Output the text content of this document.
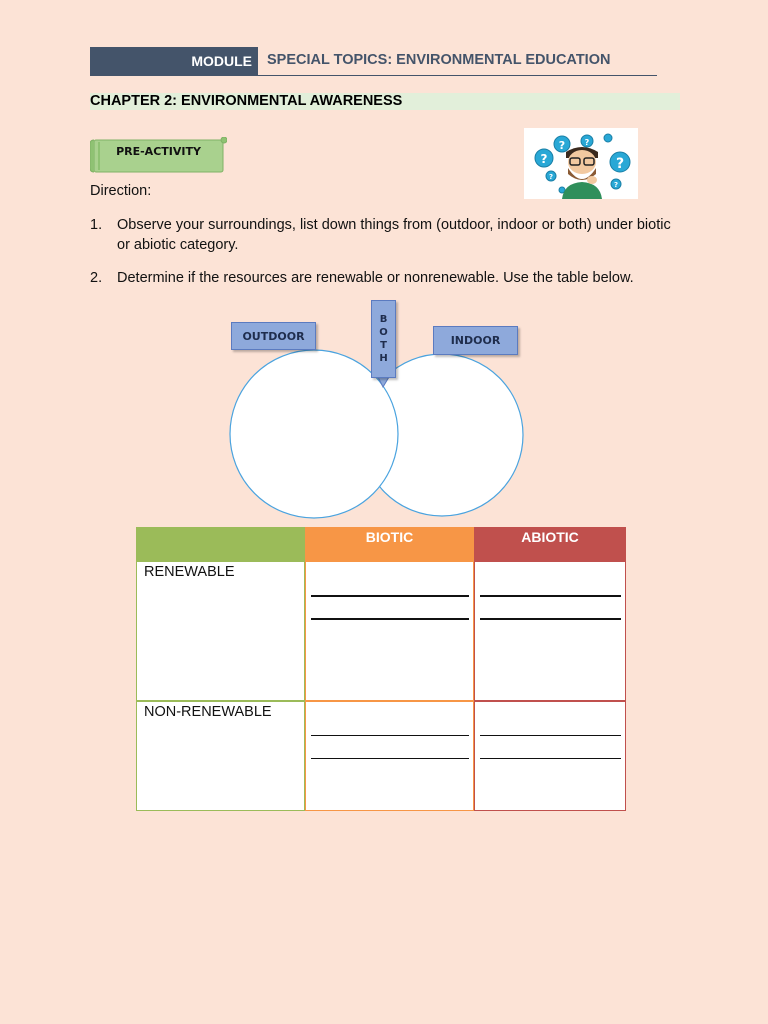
MODULE SPECIAL TOPICS: ENVIRONMENTAL EDUCATION
CHAPTER 2: ENVIRONMENTAL AWARENESS
PRE-ACTIVITY
?
? ?
?
?
?
Direction:
1. Observe your surroundings, list down things from (outdoor, indoor or both) under biotic or abiotic category.
2. Determine if the resources are renewable or nonrenewable. Use the table below.
OUTDOOR	INDOOR
B
O
T
H
BIOTIC	ABIOTIC
RENEWABLE
NON-RENEWABLE
